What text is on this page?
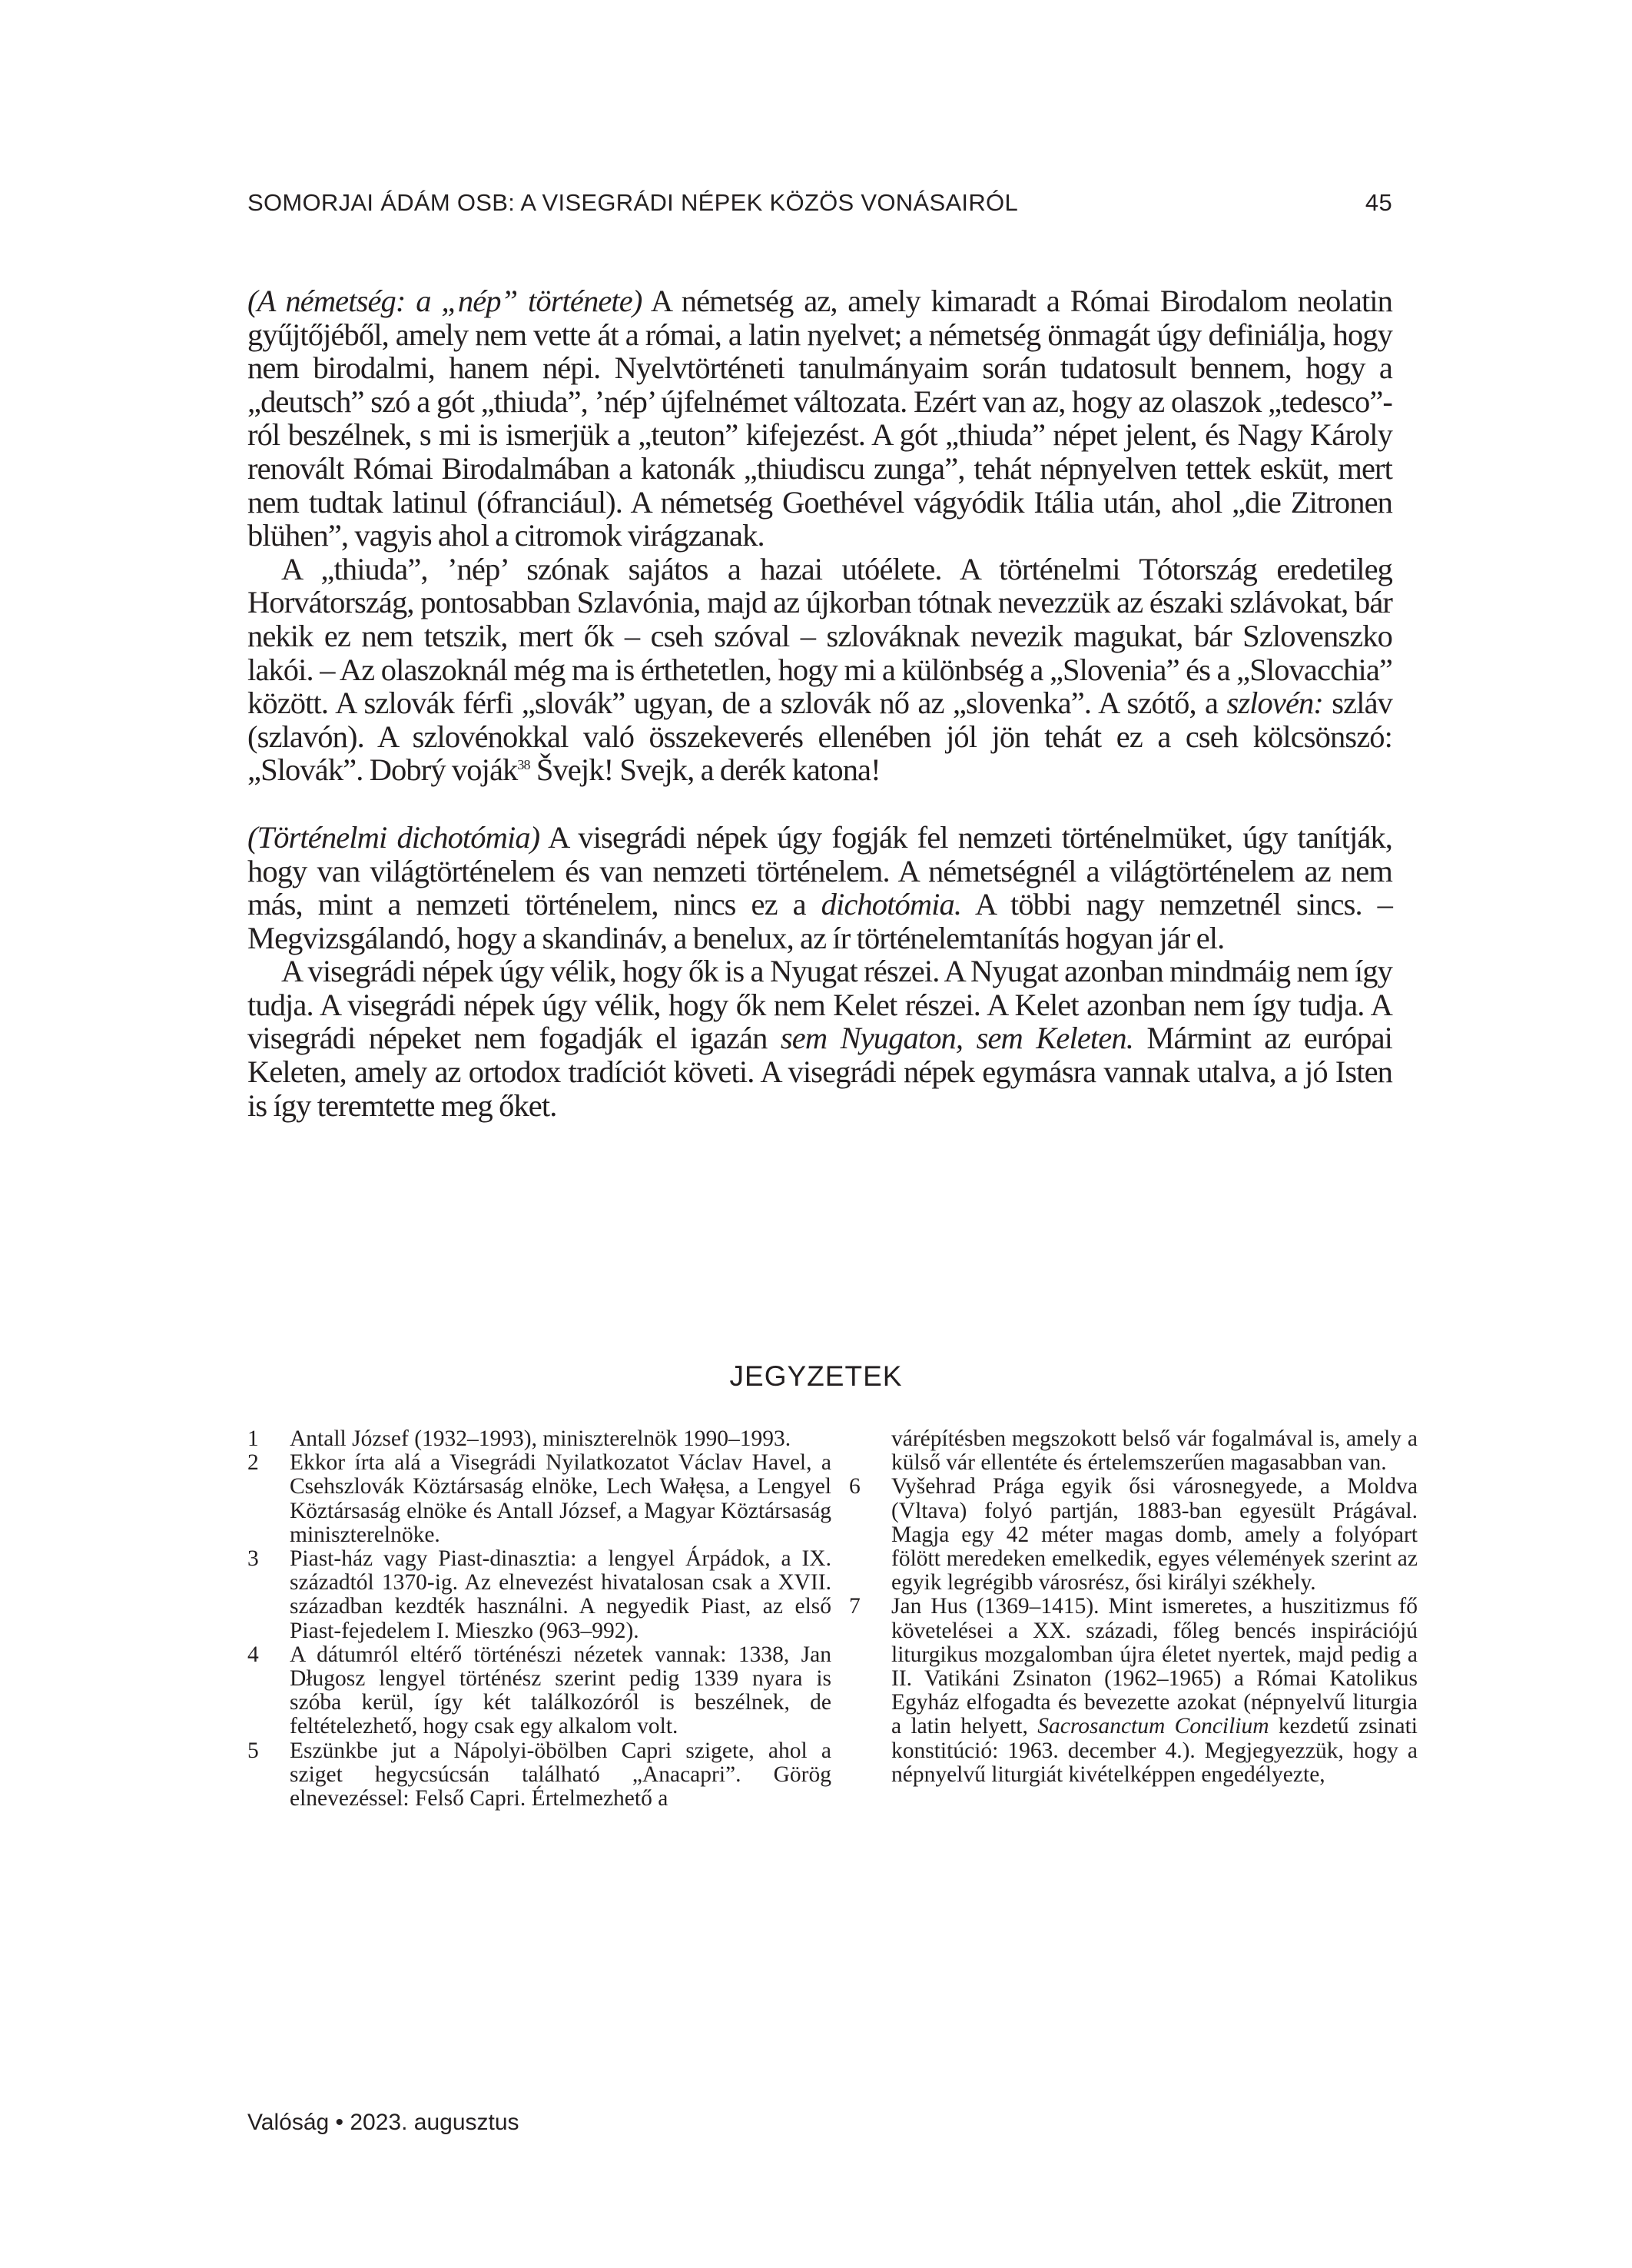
SOMORJAI ÁDÁM OSB: A VISEGRÁDI NÉPEK KÖZÖS VONÁSAIRÓL	45

(A németség: a „nép” története) A németség az, amely kimaradt a Római Birodalom neolatin gyűjtőjéből, amely nem vette át a római, a latin nyelvet; a németség önmagát úgy definiálja, hogy nem birodalmi, hanem népi. Nyelvtörténeti tanulmányaim során tudatosult bennem, hogy a „deutsch” szó a gót „thiuda”, ’nép’ újfelnémet változata. Ezért van az, hogy az olaszok „tedesco”-ról beszélnek, s mi is ismerjük a „teuton” kifejezést. A gót „thiuda” népet jelent, és Nagy Károly renovált Római Birodalmában a katonák „thiudiscu zunga”, tehát népnyelven tettek esküt, mert nem tudtak latinul (ófranciául). A németség Goethével vágyódik Itália után, ahol „die Zitronen blühen”, vagyis ahol a citromok virágzanak.

A „thiuda”, ’nép’ szónak sajátos a hazai utóélete. A történelmi Tótország eredetileg Horvátország, pontosabban Szlavónia, majd az újkorban tótnak nevezzük az északi szlávokat, bár nekik ez nem tetszik, mert ők – cseh szóval – szlováknak nevezik magukat, bár Szlovenszko lakói. – Az olaszoknál még ma is érthetetlen, hogy mi a különbség a „Slovenia” és a „Slovacchia” között. A szlovák férfi „slovák” ugyan, de a szlovák nő az „slovenka”. A szótő, a szlovén: szláv (szlavón). A szlovénokkal való összekeverés ellenében jól jön tehát ez a cseh kölcsönszó: „Slovák”. Dobrý voják$^{38}$ Švejk! Svejk, a derék katona!

(Történelmi dichotómia) A visegrádi népek úgy fogják fel nemzeti történelmüket, úgy tanítják, hogy van világtörténelem és van nemzeti történelem. A németségnél a világtörténelem az nem más, mint a nemzeti történelem, nincs ez a dichotómia. A többi nagy nemzetnél sincs. – Megvizsgálandó, hogy a skandináv, a benelux, az ír történelemtanítás hogyan jár el.

A visegrádi népek úgy vélik, hogy ők is a Nyugat részei. A Nyugat azonban mindmáig nem így tudja. A visegrádi népek úgy vélik, hogy ők nem Kelet részei. A Kelet azonban nem így tudja. A visegrádi népeket nem fogadják el igazán sem Nyugaton, sem Keleten. Mármint az európai Keleten, amely az ortodox tradíciót követi. A visegrádi népek egymásra vannak utalva, a jó Isten is így teremtette meg őket.

JEGYZETEK
1	Antall József (1932–1993), miniszterelnök 1990–1993.
2	Ekkor írta alá a Visegrádi Nyilatkozatot Václav Havel, a Csehszlovák Köztársaság elnöke, Lech Wałęsa, a Lengyel Köztársaság elnöke és Antall József, a Magyar Köztársaság miniszterelnöke.
3	Piast-ház vagy Piast-dinasztia: a lengyel Árpádok, a IX. századtól 1370-ig. Az elnevezést hivatalosan csak a XVII. században kezdték használni. A negyedik Piast, az első Piast-fejedelem I. Mieszko (963–992).
4	A dátumról eltérő történészi nézetek vannak: 1338, Jan Długosz lengyel történész szerint pedig 1339 nyara is szóba kerül, így két találkozóról is beszélnek, de feltételezhető, hogy csak egy alkalom volt.
5	Eszünkbe jut a Nápolyi-öbölben Capri szigete, ahol a sziget hegycsúcsán található „Anacapri”. Görög elnevezéssel: Felső Capri. Értelmezhető a
várépítésben megszokott belső vár fogalmával is, amely a külső vár ellentéte és értelemszerűen magasabban van.
6	Vyšehrad Prága egyik ősi városnegyede, a Moldva (Vltava) folyó partján, 1883-ban egyesült Prágával. Magja egy 42 méter magas domb, amely a folyópart fölött meredeken emelkedik, egyes vélemények szerint az egyik legrégibb városrész, ősi királyi székhely.
7	Jan Hus (1369–1415). Mint ismeretes, a huszitizmus fő követelései a XX. századi, főleg bencés inspirációjú liturgikus mozgalomban újra életet nyertek, majd pedig a II. Vatikáni Zsinaton (1962–1965) a Római Katolikus Egyház elfogadta és bevezette azokat (népnyelvű liturgia a latin helyett, Sacrosanctum Concilium kezdetű zsinati konstitúció: 1963. december 4.). Megjegyezzük, hogy a népnyelvű liturgiát kivételképpen engedélyezte,
Valóság • 2023. augusztus
